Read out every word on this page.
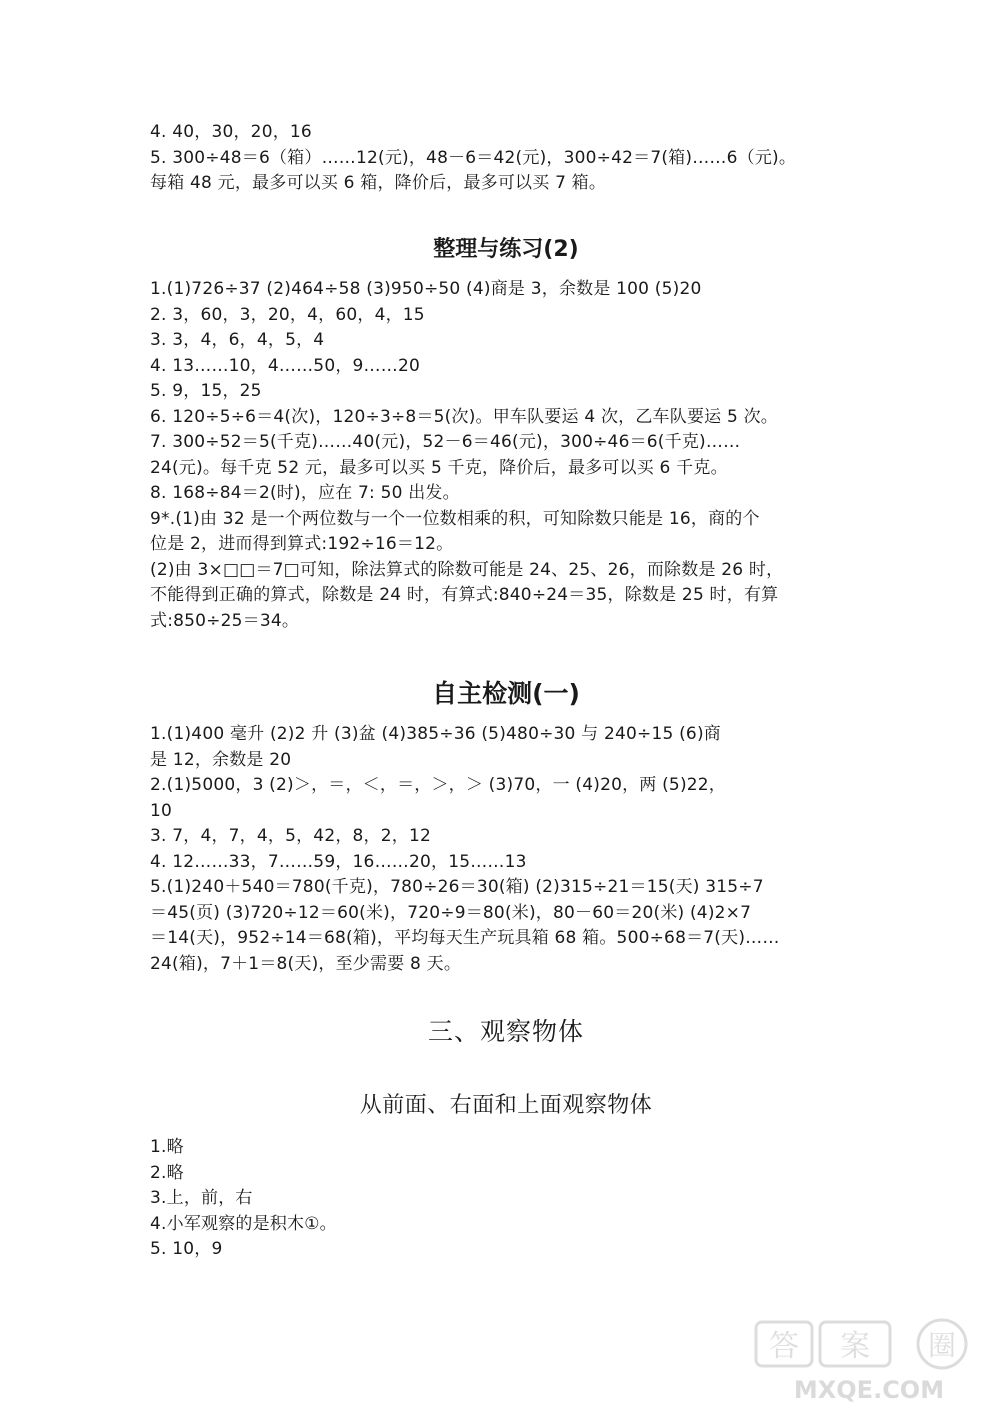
4. 40，30，20，16
5. 300÷48＝6（箱）……12(元)，48－6＝42(元)，300÷42＝7(箱)……6（元)。
每箱 48 元，最多可以买 6 箱，降价后，最多可以买 7 箱。
整理与练习(2)
1.(1)726÷37 (2)464÷58 (3)950÷50 (4)商是 3，余数是 100 (5)20
2. 3，60，3，20，4，60，4，15
3. 3，4，6，4，5，4
4. 13……10，4……50，9……20
5. 9，15，25
6. 120÷5÷6＝4(次)，120÷3÷8＝5(次)。甲车队要运 4 次，乙车队要运 5 次。
7. 300÷52＝5(千克)……40(元)，52－6＝46(元)，300÷46＝6(千克)……
24(元)。每千克 52 元，最多可以买 5 千克，降价后，最多可以买 6 千克。
8. 168÷84＝2(时)，应在 7: 50 出发。
9*.(1)由 32 是一个两位数与一个一位数相乘的积，可知除数只能是 16，商的个
位是 2，进而得到算式:192÷16＝12。
(2)由 3×□□＝7□可知，除法算式的除数可能是 24、25、26，而除数是 26 时，
不能得到正确的算式，除数是 24 时，有算式:840÷24＝35，除数是 25 时，有算
式:850÷25＝34。
自主检测(一)
1.(1)400 毫升 (2)2 升 (3)盆 (4)385÷36 (5)480÷30 与 240÷15 (6)商
是 12，余数是 20
2.(1)5000，3 (2)＞，＝，＜，＝，＞，＞ (3)70，一 (4)20，两 (5)22，
10
3. 7，4，7，4，5，42，8，2，12
4. 12……33，7……59，16……20，15……13
5.(1)240＋540＝780(千克)，780÷26＝30(箱) (2)315÷21＝15(天) 315÷7
＝45(页) (3)720÷12＝60(米)，720÷9＝80(米)，80－60＝20(米) (4)2×7
＝14(天)，952÷14＝68(箱)，平均每天生产玩具箱 68 箱。500÷68＝7(天)……
24(箱)，7＋1＝8(天)，至少需要 8 天。
三、观察物体
从前面、右面和上面观察物体
1.略
2.略
3.上，前，右
4.小军观察的是积木①。
5. 10，9
答 案 圈
MXQE.COM
